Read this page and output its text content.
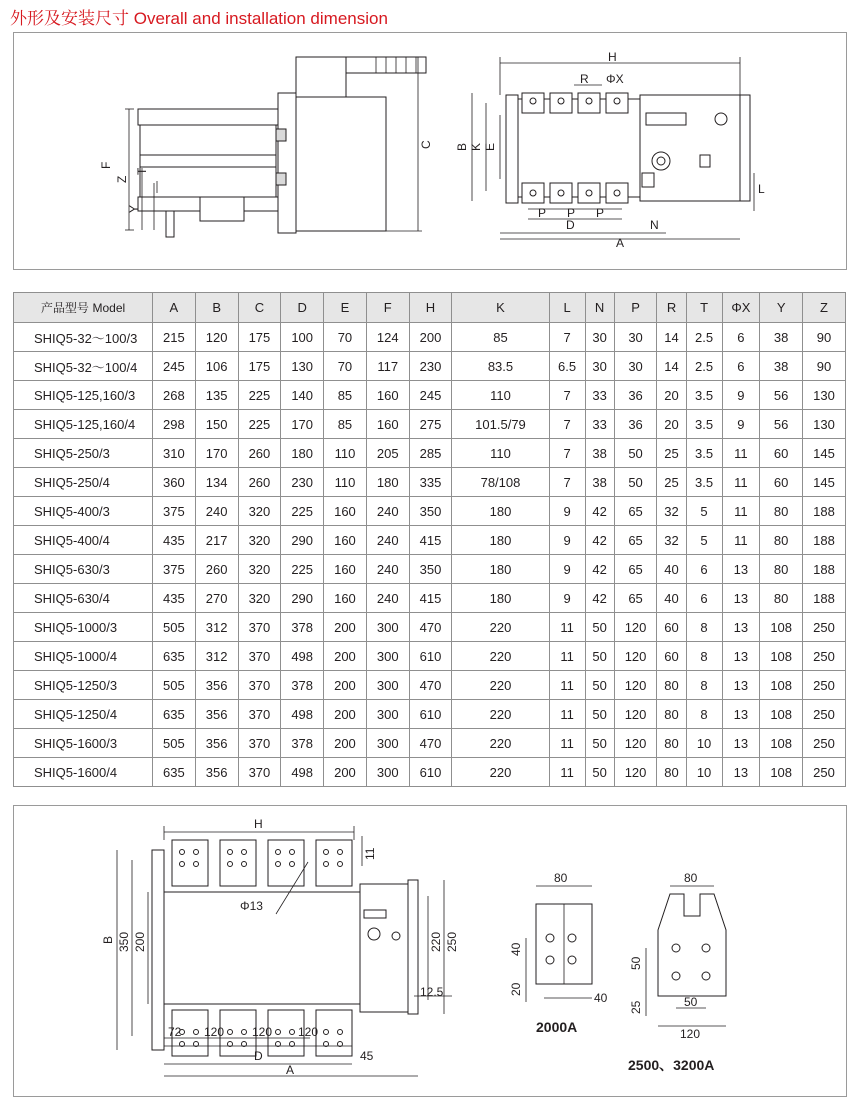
外形及安装尺寸 Overall and installation dimension
F
Z
T
Y
C
H
R ΦX
B K E
P P P
D	N
A
L
产品型号 Model	A	B	C	D	E	F	H	K	L	N	P	R	T	ΦX	Y	Z
SHIQ5-32～100/3	215	120	175	100	70	124	200	85	7	30	30	14	2.5	6	38	90
SHIQ5-32～100/4	245	106	175	130	70	117	230	83.5	6.5	30	30	14	2.5	6	38	90
SHIQ5-125,160/3	268	135	225	140	85	160	245	110	7	33	36	20	3.5	9	56	130
SHIQ5-125,160/4	298	150	225	170	85	160	275	101.5/79	7	33	36	20	3.5	9	56	130
SHIQ5-250/3	310	170	260	180	110	205	285	110	7	38	50	25	3.5	11	60	145
SHIQ5-250/4	360	134	260	230	110	180	335	78/108	7	38	50	25	3.5	11	60	145
SHIQ5-400/3	375	240	320	225	160	240	350	180	9	42	65	32	5	11	80	188
SHIQ5-400/4	435	217	320	290	160	240	415	180	9	42	65	32	5	11	80	188
SHIQ5-630/3	375	260	320	225	160	240	350	180	9	42	65	40	6	13	80	188
SHIQ5-630/4	435	270	320	290	160	240	415	180	9	42	65	40	6	13	80	188
SHIQ5-1000/3	505	312	370	378	200	300	470	220	11	50	120	60	8	13	108	250
SHIQ5-1000/4	635	312	370	498	200	300	610	220	11	50	120	60	8	13	108	250
SHIQ5-1250/3	505	356	370	378	200	300	470	220	11	50	120	80	8	13	108	250
SHIQ5-1250/4	635	356	370	498	200	300	610	220	11	50	120	80	8	13	108	250
SHIQ5-1600/3	505	356	370	378	200	300	470	220	11	50	120	80	10	13	108	250
SHIQ5-1600/4	635	356	370	498	200	300	610	220	11	50	120	80	10	13	108	250
H
Φ13
B 350 200
11
220 250
12.5
72 120 120 120
D	45
A
80
40
20
40
2000A
80
50
25	50
120
2500、3200A
